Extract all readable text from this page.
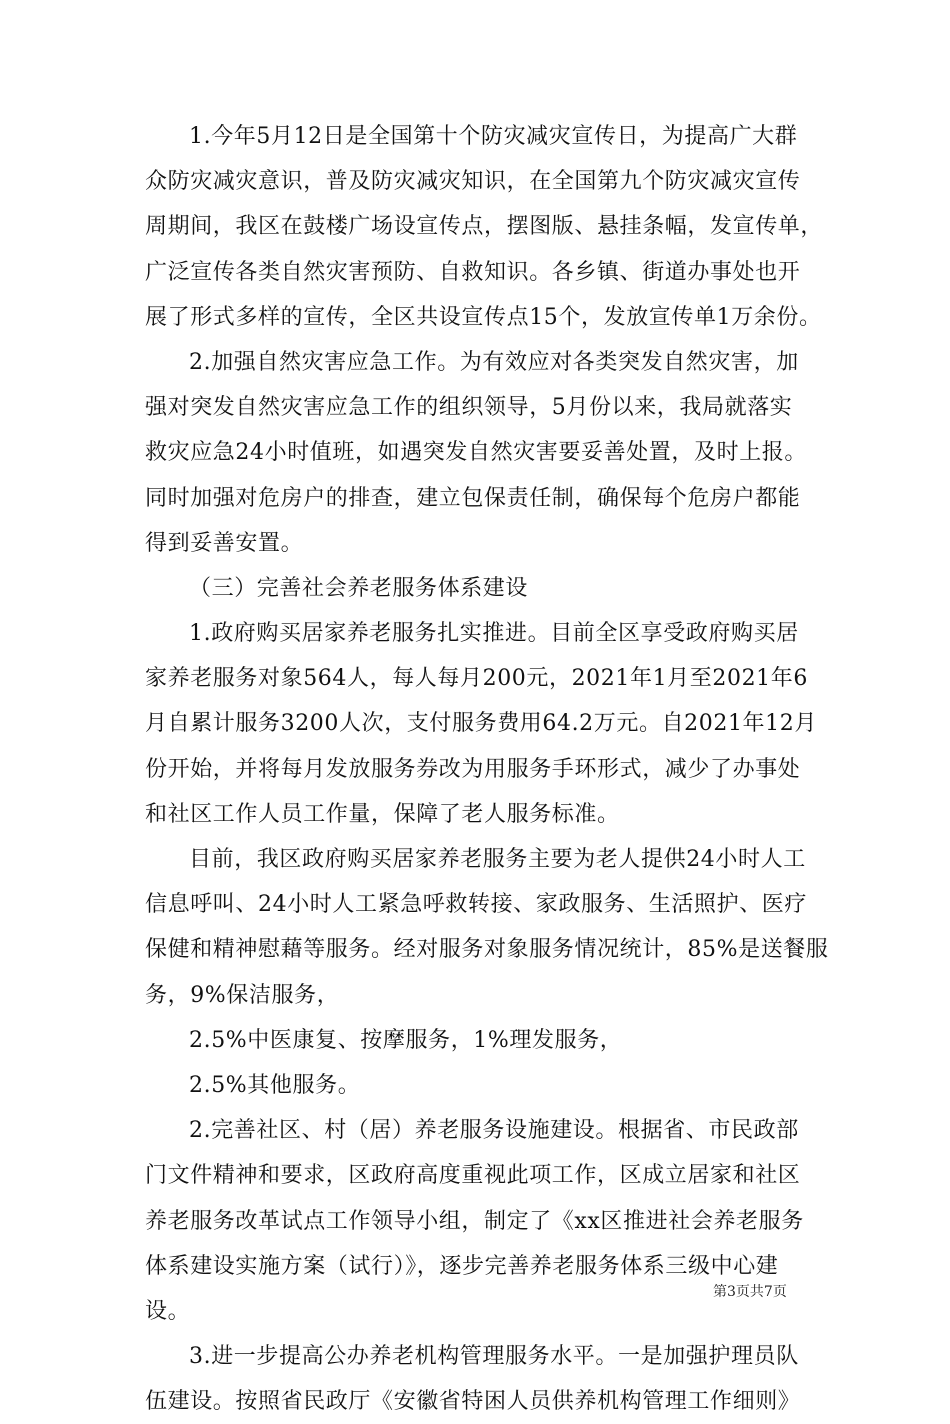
1.今年5月12日是全国第十个防灾减灾宣传日，为提高广大群
众防灾减灾意识，普及防灾减灾知识，在全国第九个防灾减灾宣传
周期间，我区在鼓楼广场设宣传点，摆图版、悬挂条幅，发宣传单，
广泛宣传各类自然灾害预防、自救知识。各乡镇、街道办事处也开
展了形式多样的宣传，全区共设宣传点15个，发放宣传单1万余份。
2.加强自然灾害应急工作。为有效应对各类突发自然灾害，加
强对突发自然灾害应急工作的组织领导，5月份以来，我局就落实
救灾应急24小时值班，如遇突发自然灾害要妥善处置，及时上报。
同时加强对危房户的排查，建立包保责任制，确保每个危房户都能
得到妥善安置。
（三）完善社会养老服务体系建设
1.政府购买居家养老服务扎实推进。目前全区享受政府购买居
家养老服务对象564人，每人每月200元，2021年1月至2021年6
月自累计服务3200人次，支付服务费用64.2万元。自2021年12月
份开始，并将每月发放服务券改为用服务手环形式，减少了办事处
和社区工作人员工作量，保障了老人服务标准。
目前，我区政府购买居家养老服务主要为老人提供24小时人工
信息呼叫、24小时人工紧急呼救转接、家政服务、生活照护、医疗
保健和精神慰藉等服务。经对服务对象服务情况统计，85%是送餐服
务，9%保洁服务，
2.5%中医康复、按摩服务，1%理发服务，
2.5%其他服务。
2.完善社区、村（居）养老服务设施建设。根据省、市民政部
门文件精神和要求，区政府高度重视此项工作，区成立居家和社区
养老服务改革试点工作领导小组，制定了《xx区推进社会养老服务
体系建设实施方案（试行）》，逐步完善养老服务体系三级中心建
设。
3.进一步提高公办养老机构管理服务水平。一是加强护理员队
伍建设。按照省民政厅《安徽省特困人员供养机构管理工作细则》
第3页共7页
